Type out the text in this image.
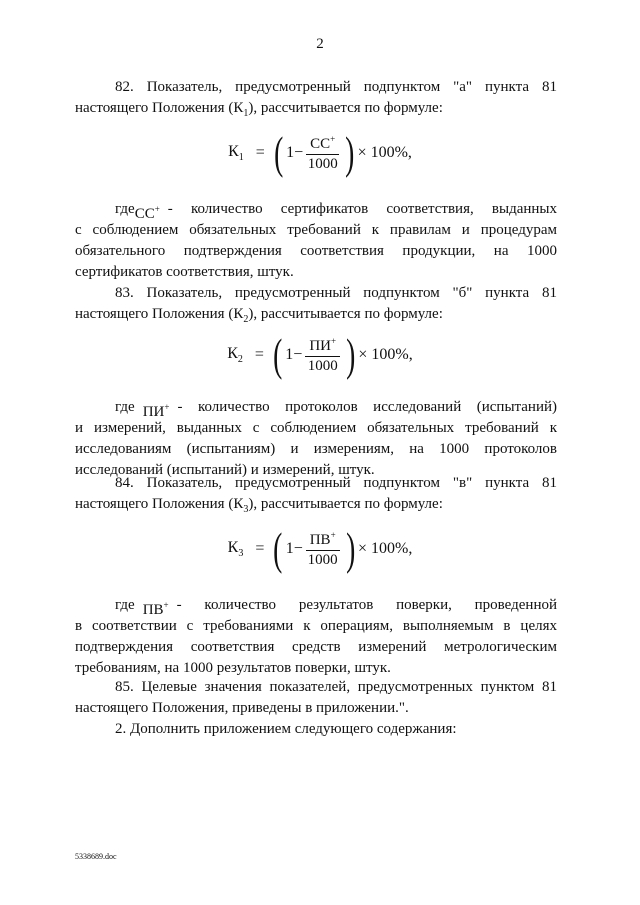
2
82. Показатель, предусмотренный подпунктом "а" пункта 81
настоящего Положения $(К_1)$, рассчитывается по формуле:
$К_1$ = ( $1 - \frac{СС^+}{1000}$ ) × 100%,
где СС+ - количество сертификатов соответствия, выданных

с соблюдением обязательных требований к правилам и процедурам обязательного подтверждения соответствия продукции, на 1000 сертификатов соответствия, штук.

83. Показатель, предусмотренный подпунктом "б" пункта 81
настоящего Положения $(К_2)$, рассчитывается по формуле:
$К_2$ = ( $1 - \frac{ПИ^+}{1000}$ ) × 100%,
где ПИ+ - количество протоколов исследований (испытаний)

и измерений, выданных с соблюдением обязательных требований к исследованиям (испытаниям) и измерениям, на 1000 протоколов исследований (испытаний) и измерений, штук.

84. Показатель, предусмотренный подпунктом "в" пункта 81
настоящего Положения $(К_3)$, рассчитывается по формуле:
$К_3$ = ( $1 - \frac{ПВ^+}{1000}$ ) × 100%,
где ПВ+ - количество результатов поверки, проведенной

в соответствии с требованиями к операциям, выполняемым в целях подтверждения соответствия средств измерений метрологическим требованиям, на 1000 результатов поверки, штук.

85. Целевые значения показателей, предусмотренных пунктом 81
настоящего Положения, приведены в приложении.".
2. Дополнить приложением следующего содержания:
5338689.doc
